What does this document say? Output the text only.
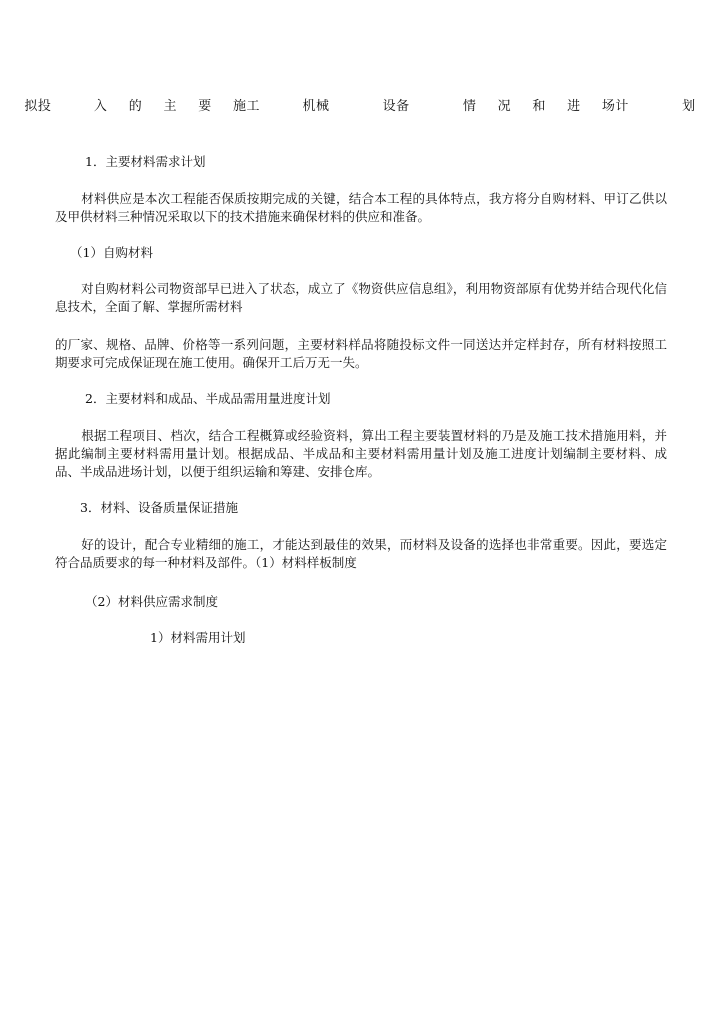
拟投    入  的  主  要  施工    机械     设备     情  况  和  进  场计     划
1．主要材料需求计划
材料供应是本次工程能否保质按期完成的关键，结合本工程的具体特点，我方将分自购材料、甲订乙供以及甲供材料三种情况采取以下的技术措施来确保材料的供应和准备。
（1）自购材料
对自购材料公司物资部早已进入了状态，成立了《物资供应信息组》，利用物资部原有优势并结合现代化信息技术，全面了解、掌握所需材料
的厂家、规格、品牌、价格等一系列问题，主要材料样品将随投标文件一同送达并定样封存，所有材料按照工期要求可完成保证现在施工使用。确保开工后万无一失。
2．主要材料和成品、半成品需用量进度计划
根据工程项目、档次，结合工程概算或经验资料，算出工程主要装置材料的乃是及施工技术措施用料，并据此编制主要材料需用量计划。根据成品、半成品和主要材料需用量计划及施工进度计划编制主要材料、成品、半成品进场计划，以便于组织运输和筹建、安排仓库。
3．材料、设备质量保证措施
好的设计，配合专业精细的施工，才能达到最佳的效果，而材料及设备的选择也非常重要。因此，要选定符合品质要求的每一种材料及部件。（1）材料样板制度
（2）材料供应需求制度
1）材料需用计划
